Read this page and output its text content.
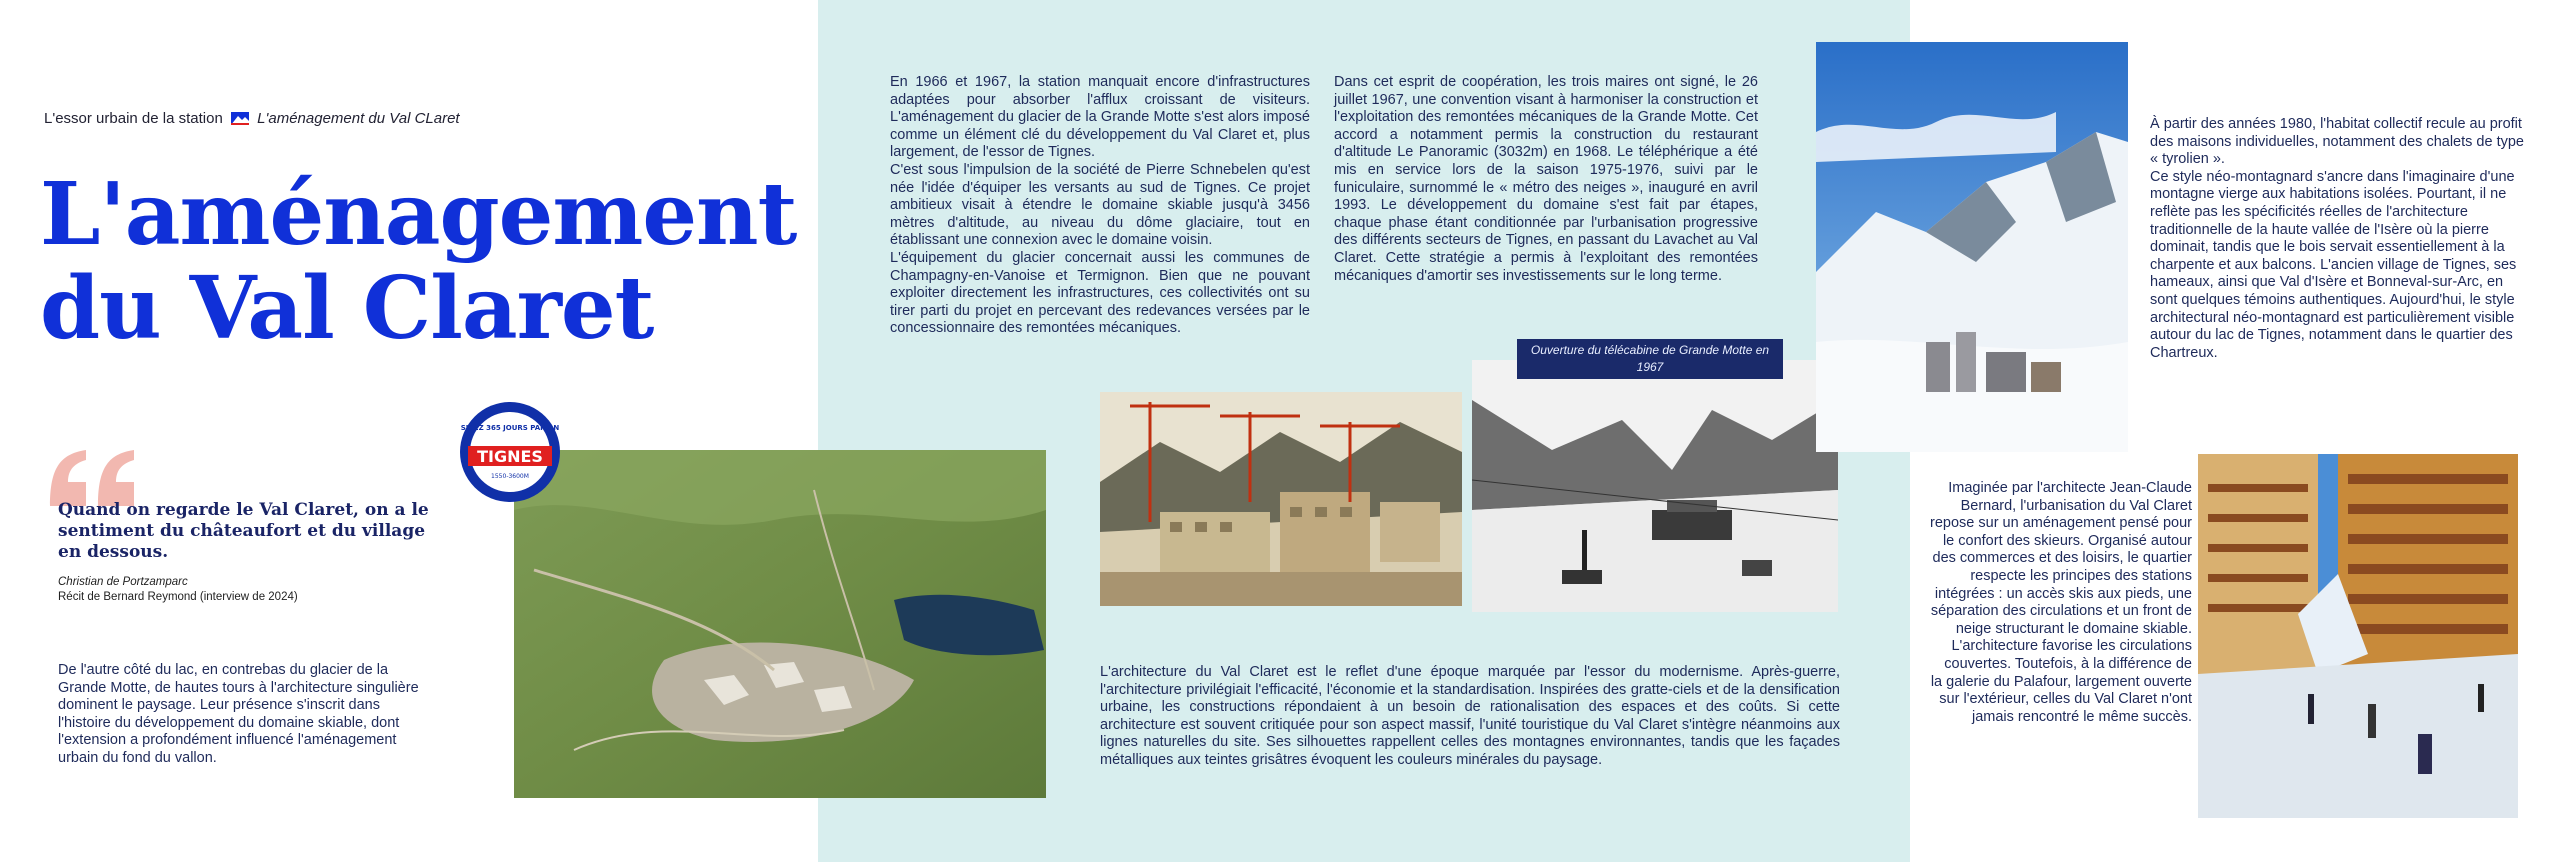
L'essor urbain de la station L'aménagement du Val CLaret
L'aménagement
du Val Claret

Quand on regarde le Val Claret, on a le sentiment du châteaufort et du village en dessous.

Christian de Portzamparc
Récit de Bernard Reymond (interview de 2024)

De l'autre côté du lac, en contrebas du glacier de la Grande Motte, de hautes tours à l'architecture singulière dominent le paysage. Leur présence s'inscrit dans l'histoire du développement du domaine skiable, dont l'extension a profondément influencé l'aménagement urbain du fond du vallon.

TIGNES
SKIEZ 365 JOURS PAR AN
1550-3600M

En 1966 et 1967, la station manquait encore d'infrastructures adaptées pour absorber l'afflux croissant de visiteurs. L'aménagement du glacier de la Grande Motte s'est alors imposé comme un élément clé du développement du Val Claret et, plus largement, de l'essor de Tignes.

C'est sous l'impulsion de la société de Pierre Schnebelen qu'est née l'idée d'équiper les versants au sud de Tignes. Ce projet ambitieux visait à étendre le domaine skiable jusqu'à 3456 mètres d'altitude, au niveau du dôme glaciaire, tout en établissant une connexion avec le domaine voisin.

L'équipement du glacier concernait aussi les communes de Champagny-en-Vanoise et Termignon. Bien que ne pouvant exploiter directement les infrastructures, ces collectivités ont su tirer parti du projet en percevant des redevances versées par le concessionnaire des remontées mécaniques.

Dans cet esprit de coopération, les trois maires ont signé, le 26 juillet 1967, une convention visant à harmoniser la construction et l'exploitation des remontées mécaniques de la Grande Motte. Cet accord a notamment permis la construction du restaurant d'altitude Le Panoramic (3032m) en 1968. Le téléphérique a été mis en service lors de la saison 1975-1976, suivi par le funiculaire, surnommé le « métro des neiges », inauguré en avril 1993. Le développement du domaine s'est fait par étapes, chaque phase étant conditionnée par l'urbanisation progressive des différents secteurs de Tignes, en passant du Lavachet au Val Claret. Cette stratégie a permis à l'exploitant des remontées mécaniques d'amortir ses investissements sur le long terme.

Ouverture du télécabine de Grande Motte en 1967

L'architecture du Val Claret est le reflet d'une époque marquée par l'essor du modernisme. Après-guerre, l'architecture privilégiait l'efficacité, l'économie et la standardisation. Inspirées des gratte-ciels et de la densification urbaine, les constructions répondaient à un besoin de rationalisation des espaces et des coûts. Si cette architecture est souvent critiquée pour son aspect massif, l'unité touristique du Val Claret s'intègre néanmoins aux lignes naturelles du site. Ses silhouettes rappellent celles des montagnes environnantes, tandis que les façades métalliques aux teintes grisâtres évoquent les couleurs minérales du paysage.

À partir des années 1980, l'habitat collectif recule au profit des maisons individuelles, notamment des chalets de type « tyrolien ».

Ce style néo-montagnard s'ancre dans l'imaginaire d'une montagne vierge aux habitations isolées. Pourtant, il ne reflète pas les spécificités réelles de l'architecture traditionnelle de la haute vallée de l'Isère où la pierre dominait, tandis que le bois servait essentiellement à la charpente et aux balcons. L'ancien village de Tignes, ses hameaux, ainsi que Val d'Isère et Bonneval-sur-Arc, en sont quelques témoins authentiques. Aujourd'hui, le style architectural néo-montagnard est particulièrement visible autour du lac de Tignes, notamment dans le quartier des Chartreux.

Imaginée par l'architecte Jean-Claude Bernard, l'urbanisation du Val Claret repose sur un aménagement pensé pour le confort des skieurs. Organisé autour des commerces et des loisirs, le quartier respecte les principes des stations intégrées : un accès skis aux pieds, une séparation des circulations et un front de neige structurant le domaine skiable. L'architecture favorise les circulations couvertes. Toutefois, à la différence de la galerie du Palafour, largement ouverte sur l'extérieur, celles du Val Claret n'ont jamais rencontré le même succès.
